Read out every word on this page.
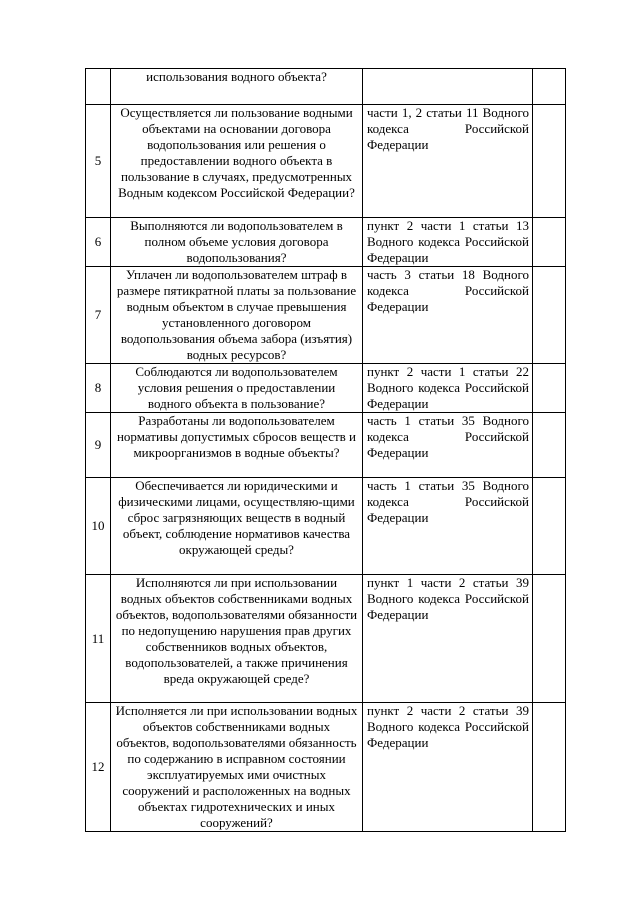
	использования водного объекта?	

5	Осуществляется ли пользование водными объектами на основании договора водопользования или решения о предоставлении водного объекта в пользование в случаях, предусмотренных Водным кодексом Российской Федерации?	части 1, 2 статьи 11 Водного кодекса Российской Федерации	

6	Выполняются ли водопользователем в полном объеме условия договора водопользования?	пункт 2 части 1 статьи 13 Водного кодекса Российской Федерации	

7	Уплачен ли водопользователем штраф в размере пятикратной платы за пользование водным объектом в случае превышения установленного договором водопользования объема забора (изъятия) водных ресурсов?	часть 3 статьи 18 Водного кодекса Российской Федерации	

8	Соблюдаются ли водопользователем условия решения о предоставлении водного объекта в пользование?	пункт 2 части 1 статьи 22 Водного кодекса Российской Федерации	

9	Разработаны ли водопользователем нормативы допустимых сбросов веществ и микроорганизмов в водные объекты?	часть 1 статьи 35 Водного кодекса Российской Федерации	

10	Обеспечивается ли юридическими и физическими лицами, осуществляю-щими сброс загрязняющих веществ в водный объект, соблюдение нормативов качества окружающей среды?	часть 1 статьи 35 Водного кодекса Российской Федерации	

11	Исполняются ли при использовании водных объектов собственниками водных объектов, водопользователями обязанности по недопущению нарушения прав других собственников водных объектов, водопользователей, а также причинения вреда окружающей среде?	пункт 1 части 2 статьи 39 Водного кодекса Российской Федерации	

12	Исполняется ли при использовании водных объектов собственниками водных объектов, водопользователями обязанность по содержанию в исправном состоянии эксплуатируемых ими очистных сооружений и расположенных на водных объектах гидротехнических и иных сооружений?	пункт 2 части 2 статьи 39 Водного кодекса Российской Федерации	
